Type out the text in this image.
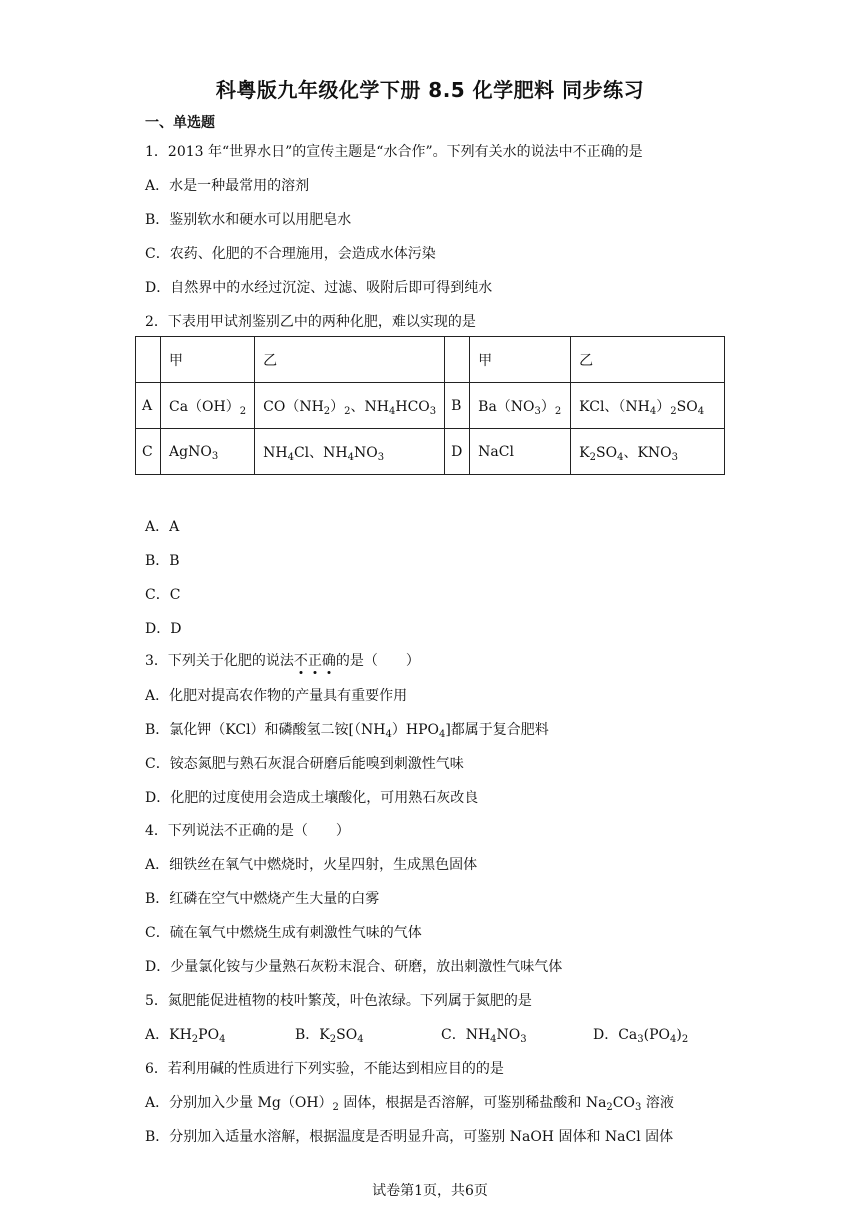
科粤版九年级化学下册 8.5 化学肥料 同步练习
一、单选题
1．2013 年“世界水日”的宣传主题是“水合作”。下列有关水的说法中不正确的是
A．水是一种最常用的溶剂
B．鉴别软水和硬水可以用肥皂水
C．农药、化肥的不合理施用，会造成水体污染
D．自然界中的水经过沉淀、过滤、吸附后即可得到纯水
2．下表用甲试剂鉴别乙中的两种化肥，难以实现的是
	甲	乙		甲	乙
A	$Ca(OH)_2$	$CO(NH_2)_2$、$NH_4HCO_3$	B	$Ba(NO_3)_2$	KCl、$(NH_4)_2SO_4$
C	AgNO$_3$	$NH_4Cl$、$NH_4NO_3$	D	NaCl	$K_2SO_4$、$KNO_3$
A．A
B．B
C．C
D．D
3．下列关于化肥的说法不正确的是（　　）
A．化肥对提高农作物的产量具有重要作用
B．氯化钾（KCl）和磷酸氢二铵$[(NH_4)HPO_4]$都属于复合肥料
C．铵态氮肥与熟石灰混合研磨后能嗅到刺激性气味
D．化肥的过度使用会造成土壤酸化，可用熟石灰改良
4．下列说法不正确的是（　　）
A．细铁丝在氧气中燃烧时，火星四射，生成黑色固体
B．红磷在空气中燃烧产生大量的白雾
C．硫在氧气中燃烧生成有刺激性气味的气体
D．少量氯化铵与少量熟石灰粉末混合、研磨，放出刺激性气味气体
5．氮肥能促进植物的枝叶繁茂，叶色浓绿。下列属于氮肥的是
A．$KH_2PO_4$	B．$K_2SO_4$	C．$NH_4NO_3$	D．$Ca_3(PO_4)_2$
6．若利用碱的性质进行下列实验，不能达到相应目的的是
A．分别加入少量 $Mg(OH)_2$ 固体，根据是否溶解，可鉴别稀盐酸和 $Na_2CO_3$ 溶液
B．分别加入适量水溶解，根据温度是否明显升高，可鉴别 NaOH 固体和 NaCl 固体
试卷第1页，共6页
